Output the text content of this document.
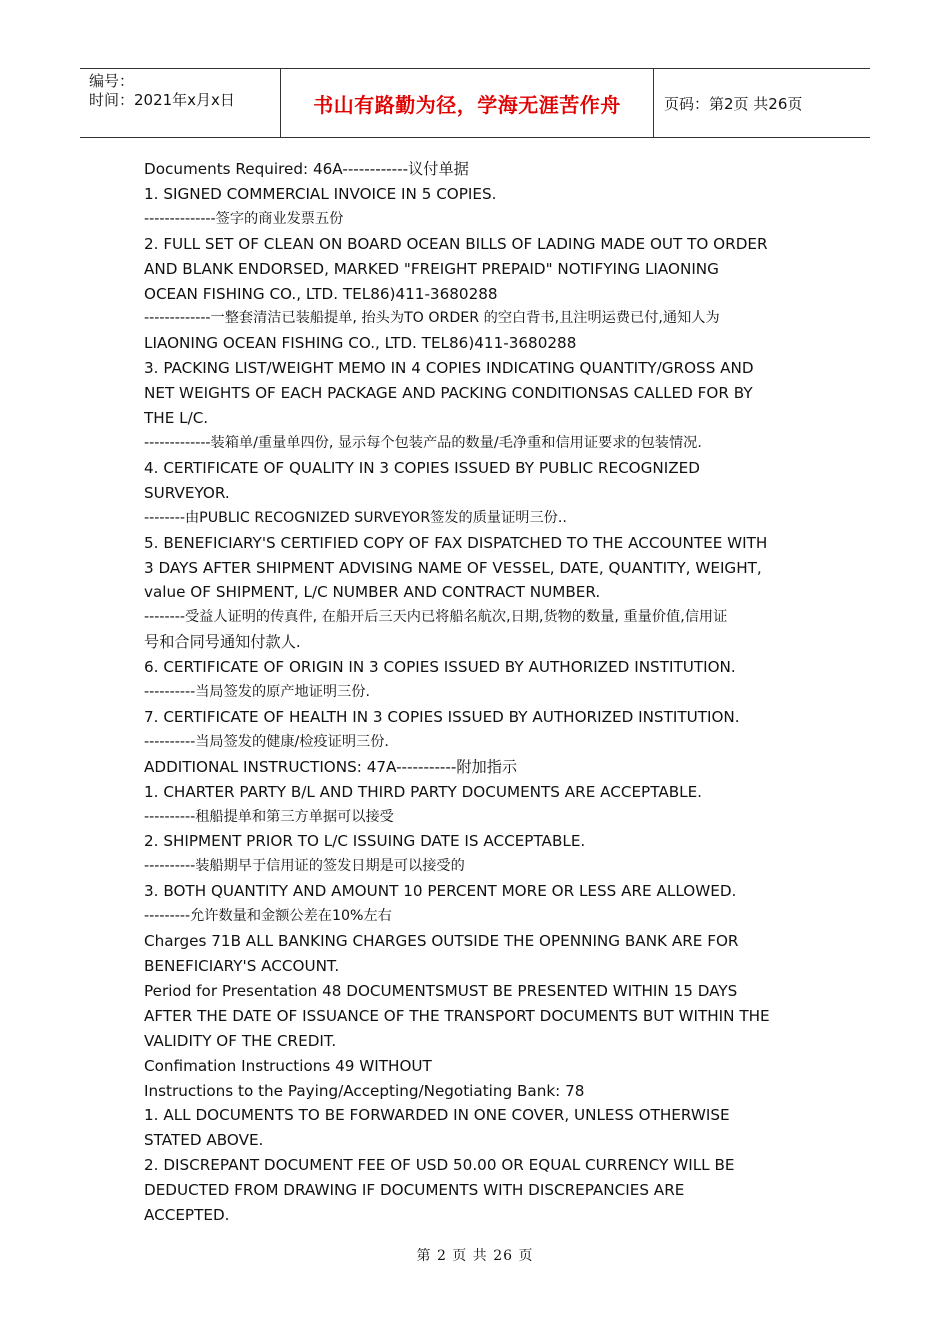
编号：
时间：2021年x月x日	书山有路勤为径，学海无涯苦作舟	页码：第2页 共26页
Documents Required: 46A------------议付单据
1. SIGNED COMMERCIAL INVOICE IN 5 COPIES.
--------------签字的商业发票五份
2. FULL SET OF CLEAN ON BOARD OCEAN BILLS OF LADING MADE OUT TO ORDER
AND BLANK ENDORSED, MARKED "FREIGHT PREPAID" NOTIFYING LIAONING
OCEAN FISHING CO., LTD. TEL86)411-3680288
-------------一整套清洁已装船提单, 抬头为TO ORDER 的空白背书,且注明运费已付,通知人为
LIAONING OCEAN FISHING CO., LTD. TEL86)411-3680288
3. PACKING LIST/WEIGHT MEMO IN 4 COPIES INDICATING QUANTITY/GROSS AND
NET WEIGHTS OF EACH PACKAGE AND PACKING CONDITIONSAS CALLED FOR BY
THE L/C.
-------------装箱单/重量单四份, 显示每个包装产品的数量/毛净重和信用证要求的包装情况.
4. CERTIFICATE OF QUALITY IN 3 COPIES ISSUED BY PUBLIC RECOGNIZED
SURVEYOR.
--------由PUBLIC RECOGNIZED SURVEYOR签发的质量证明三份..
5. BENEFICIARY'S CERTIFIED COPY OF FAX DISPATCHED TO THE ACCOUNTEE WITH
3 DAYS AFTER SHIPMENT ADVISING NAME OF VESSEL, DATE, QUANTITY, WEIGHT,
value OF SHIPMENT, L/C NUMBER AND CONTRACT NUMBER.
--------受益人证明的传真件, 在船开后三天内已将船名航次,日期,货物的数量, 重量价值,信用证
号和合同号通知付款人.
6. CERTIFICATE OF ORIGIN IN 3 COPIES ISSUED BY AUTHORIZED INSTITUTION.
----------当局签发的原产地证明三份.
7. CERTIFICATE OF HEALTH IN 3 COPIES ISSUED BY AUTHORIZED INSTITUTION.
----------当局签发的健康/检疫证明三份.
ADDITIONAL INSTRUCTIONS: 47A-----------附加指示
1. CHARTER PARTY B/L AND THIRD PARTY DOCUMENTS ARE ACCEPTABLE.
----------租船提单和第三方单据可以接受
2. SHIPMENT PRIOR TO L/C ISSUING DATE IS ACCEPTABLE.
----------装船期早于信用证的签发日期是可以接受的
3. BOTH QUANTITY AND AMOUNT 10 PERCENT MORE OR LESS ARE ALLOWED.
---------允许数量和金额公差在10%左右
Charges 71B ALL BANKING CHARGES OUTSIDE THE OPENNING BANK ARE FOR
BENEFICIARY'S ACCOUNT.
Period for Presentation 48 DOCUMENTSMUST BE PRESENTED WITHIN 15 DAYS
AFTER THE DATE OF ISSUANCE OF THE TRANSPORT DOCUMENTS BUT WITHIN THE
VALIDITY OF THE CREDIT.
Confimation Instructions 49 WITHOUT
Instructions to the Paying/Accepting/Negotiating Bank: 78
1. ALL DOCUMENTS TO BE FORWARDED IN ONE COVER, UNLESS OTHERWISE
STATED ABOVE.
2. DISCREPANT DOCUMENT FEE OF USD 50.00 OR EQUAL CURRENCY WILL BE
DEDUCTED FROM DRAWING IF DOCUMENTS WITH DISCREPANCIES ARE
ACCEPTED.
第 2 页 共 26 页
